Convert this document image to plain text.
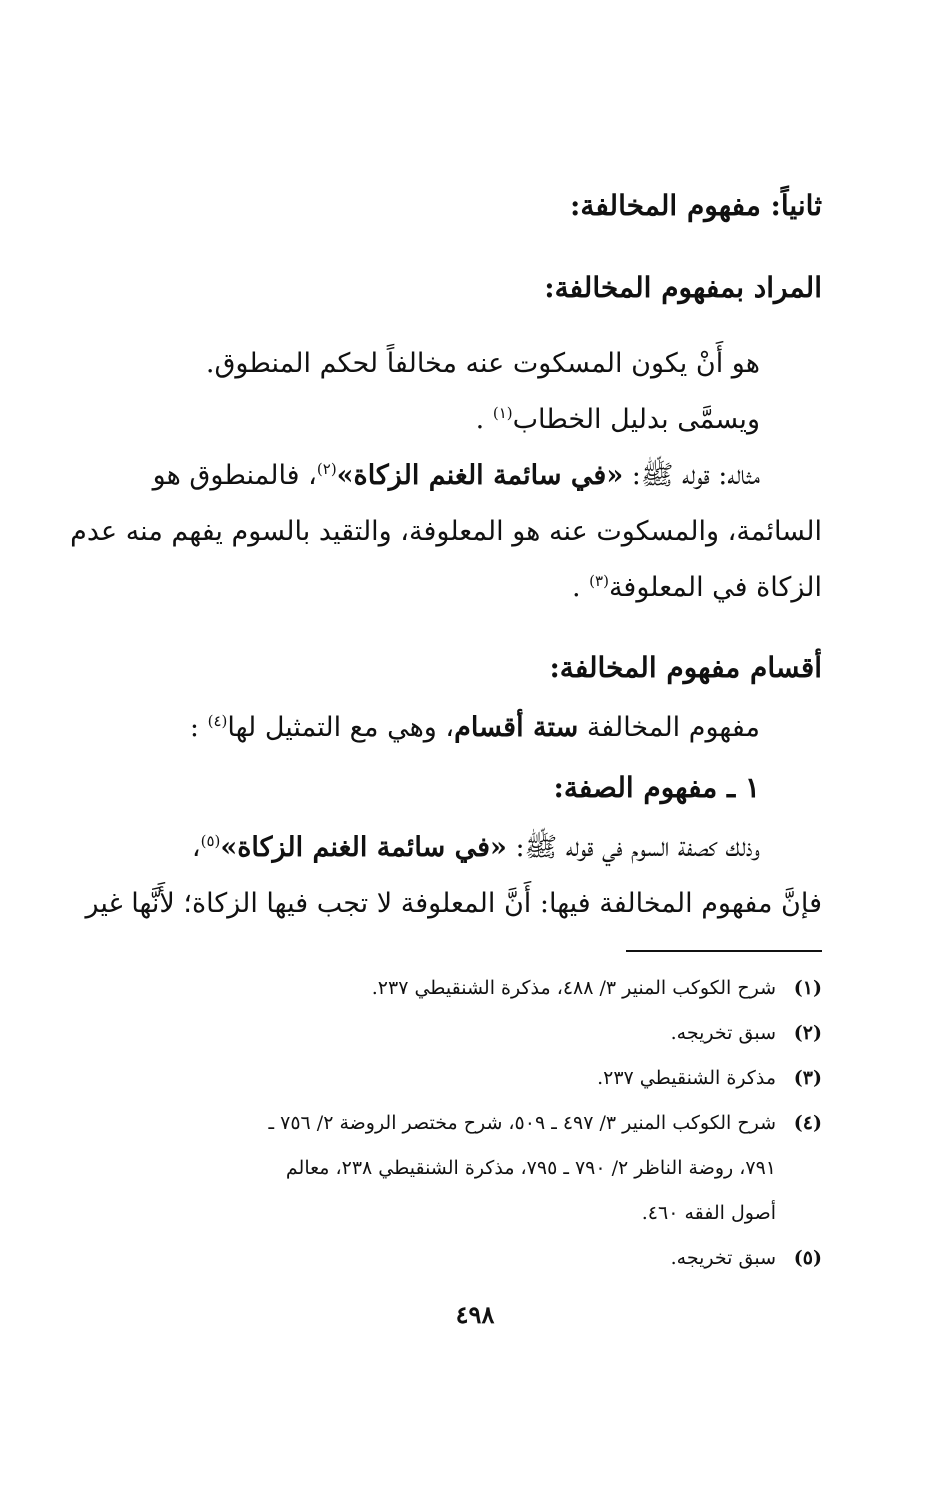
ثانياً: مفهوم المخالفة:
المراد بمفهوم المخالفة:
هو أَنْ يكون المسكوت عنه مخالفاً لحكم المنطوق.
ويسمَّى بدليل الخطاب$^{(١)}$ .
مثاله: قوله ﷺ: «في سائمة الغنم الزكاة»$^{(٢)}$، فالمنطوق هو
السائمة، والمسكوت عنه هو المعلوفة، والتقيد بالسوم يفهم منه عدم
الزكاة في المعلوفة$^{(٣)}$ .
أقسام مفهوم المخالفة:
مفهوم المخالفة ستة أقسام، وهي مع التمثيل لها$^{(٤)}$ :
١ ـ مفهوم الصفة:
وذلك كصفة السوم في قوله ﷺ: «في سائمة الغنم الزكاة»$^{(٥)}$،
فإنَّ مفهوم المخالفة فيها: أَنَّ المعلوفة لا تجب فيها الزكاة؛ لأَنَّها غير
(١)
شرح الكوكب المنير ٣/ ٤٨٨، مذكرة الشنقيطي ٢٣٧.
(٢)
سبق تخريجه.
(٣)
مذكرة الشنقيطي ٢٣٧.
(٤)
شرح الكوكب المنير ٣/ ٤٩٧ ـ ٥٠٩، شرح مختصر الروضة ٢/ ٧٥٦ ـ
٧٩١، روضة الناظر ٢/ ٧٩٠ ـ ٧٩٥، مذكرة الشنقيطي ٢٣٨، معالم
أصول الفقه ٤٦٠.
(٥)
سبق تخريجه.
٤٩٨
